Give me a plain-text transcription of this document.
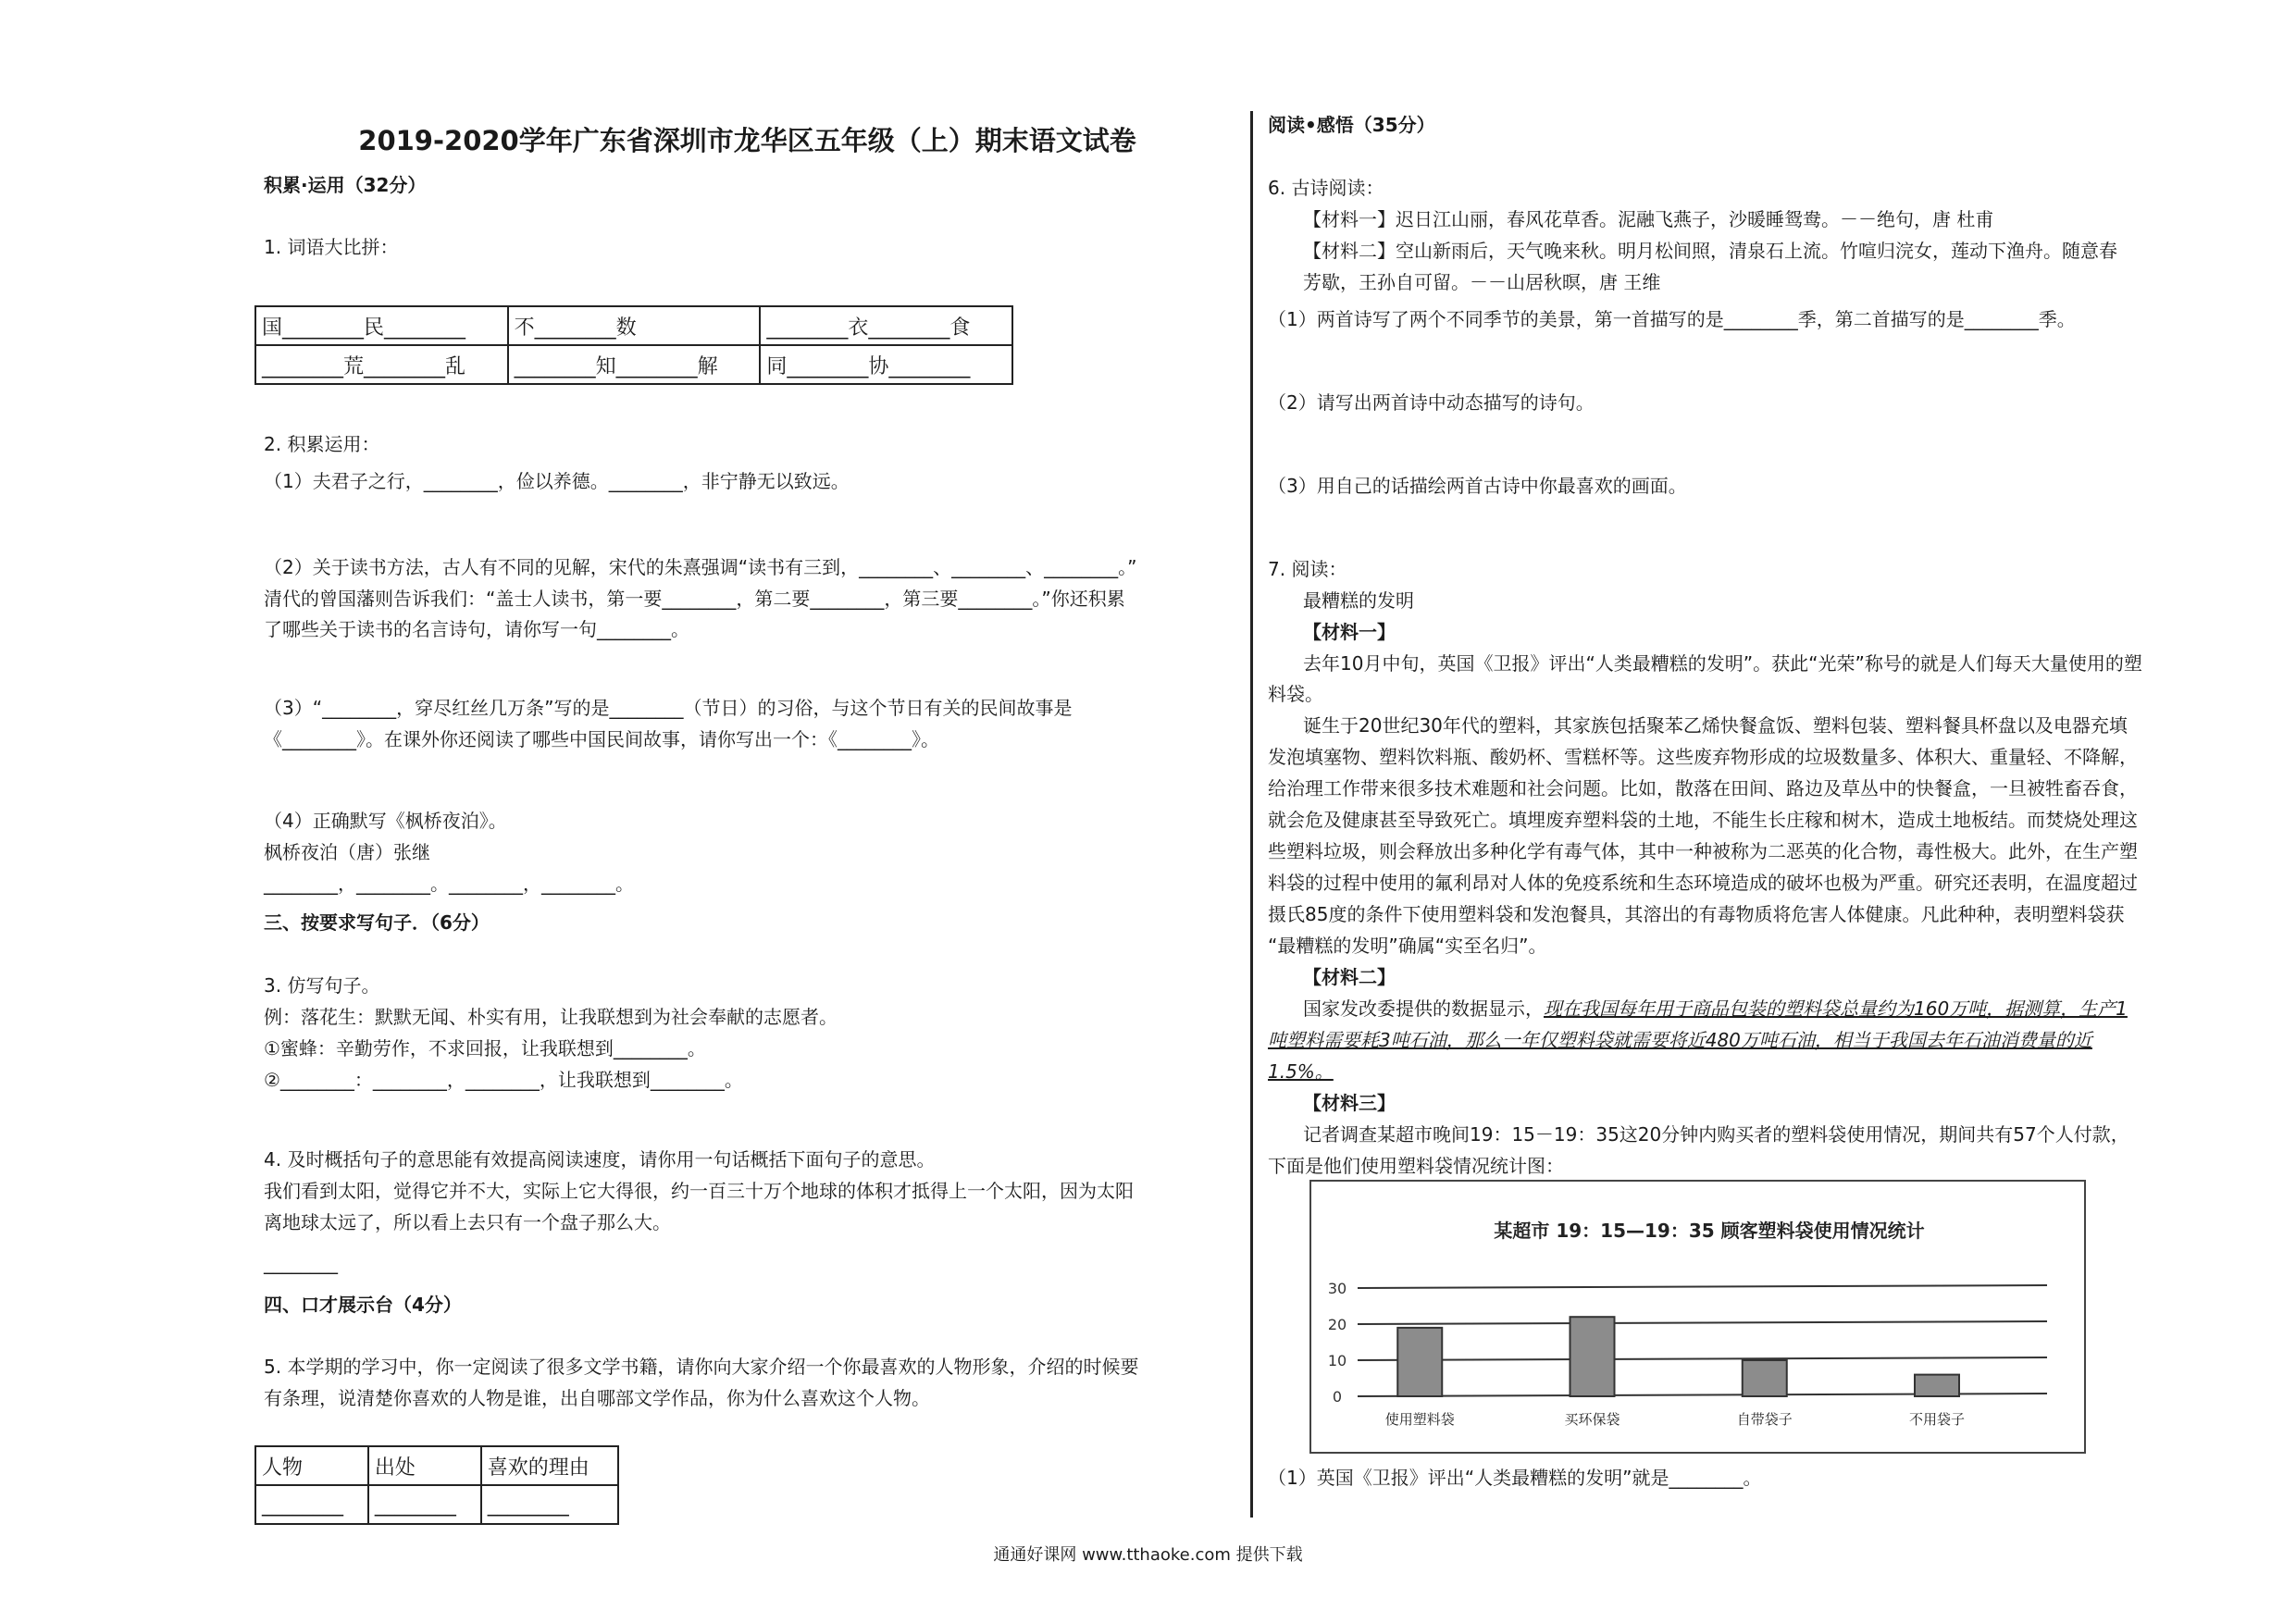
2019-2020学年广东省深圳市龙华区五年级（上）期末语文试卷
积累·运用（32分）
1. 词语大比拼：
国________民________	不________数	________衣________食
________荒________乱	________知________解	同________协________
2. 积累运用：
（1）夫君子之行，________，俭以养德。________，非宁静无以致远。
（2）关于读书方法，古人有不同的见解，宋代的朱熹强调“读书有三到，________、________、________。”
清代的曾国藩则告诉我们：“盖士人读书，第一要________，第二要________，第三要________。”你还积累
了哪些关于读书的名言诗句，请你写一句________。
（3）“________，穿尽红丝几万条”写的是________（节日）的习俗，与这个节日有关的民间故事是
《________》。在课外你还阅读了哪些中国民间故事，请你写出一个：《________》。
（4）正确默写《枫桥夜泊》。
枫桥夜泊（唐）张继
________，________。________，________。
三、按要求写句子．（6分）
3. 仿写句子。
例：落花生：默默无闻、朴实有用，让我联想到为社会奉献的志愿者。
①蜜蜂：辛勤劳作，不求回报，让我联想到________。
②________：________，________，让我联想到________。
4. 及时概括句子的意思能有效提高阅读速度，请你用一句话概括下面句子的意思。
我们看到太阳，觉得它并不大，实际上它大得很，约一百三十万个地球的体积才抵得上一个太阳，因为太阳
离地球太远了，所以看上去只有一个盘子那么大。
________
四、口才展示台（4分）
5. 本学期的学习中，你一定阅读了很多文学书籍，请你向大家介绍一个你最喜欢的人物形象，介绍的时候要
有条理，说清楚你喜欢的人物是谁，出自哪部文学作品，你为什么喜欢这个人物。
人物	出处	喜欢的理由
________	________	________
阅读•感悟（35分）
6. 古诗阅读：
【材料一】迟日江山丽，春风花草香。泥融飞燕子，沙暖睡鸳鸯。－－绝句，唐 杜甫
【材料二】空山新雨后，天气晚来秋。明月松间照，清泉石上流。竹喧归浣女，莲动下渔舟。随意春
芳歇，王孙自可留。－－山居秋暝，唐 王维
（1）两首诗写了两个不同季节的美景，第一首描写的是________季，第二首描写的是________季。
（2）请写出两首诗中动态描写的诗句。
（3）用自己的话描绘两首古诗中你最喜欢的画面。
7. 阅读：
最糟糕的发明
【材料一】
去年10月中旬，英国《卫报》评出“人类最糟糕的发明”。获此“光荣”称号的就是人们每天大量使用的塑
料袋。
诞生于20世纪30年代的塑料，其家族包括聚苯乙烯快餐盒饭、塑料包装、塑料餐具杯盘以及电器充填
发泡填塞物、塑料饮料瓶、酸奶杯、雪糕杯等。这些废弃物形成的垃圾数量多、体积大、重量轻、不降解，
给治理工作带来很多技术难题和社会问题。比如，散落在田间、路边及草丛中的快餐盒，一旦被牲畜吞食，
就会危及健康甚至导致死亡。填埋废弃塑料袋的土地，不能生长庄稼和树木，造成土地板结。而焚烧处理这
些塑料垃圾，则会释放出多种化学有毒气体，其中一种被称为二恶英的化合物，毒性极大。此外，在生产塑
料袋的过程中使用的氟利昂对人体的免疫系统和生态环境造成的破坏也极为严重。研究还表明，在温度超过
摄氏85度的条件下使用塑料袋和发泡餐具，其溶出的有毒物质将危害人体健康。凡此种种，表明塑料袋获
“最糟糕的发明”确属“实至名归”。
【材料二】
国家发改委提供的数据显示，现在我国每年用于商品包装的塑料袋总量约为160万吨，据测算，生产1
吨塑料需要耗3吨石油，那么一年仅塑料袋就需要将近480万吨石油，相当于我国去年石油消费量的近
1.5%。
【材料三】
记者调查某超市晚间19：15－19：35这20分钟内购买者的塑料袋使用情况，期间共有57个人付款，
下面是他们使用塑料袋情况统计图：
某超市 19：15—19：35 顾客塑料袋使用情况统计
30
20
10
0
使用塑料袋	买环保袋	自带袋子	不用袋子
（1）英国《卫报》评出“人类最糟糕的发明”就是________。
通通好课网 www.tthaoke.com 提供下载
